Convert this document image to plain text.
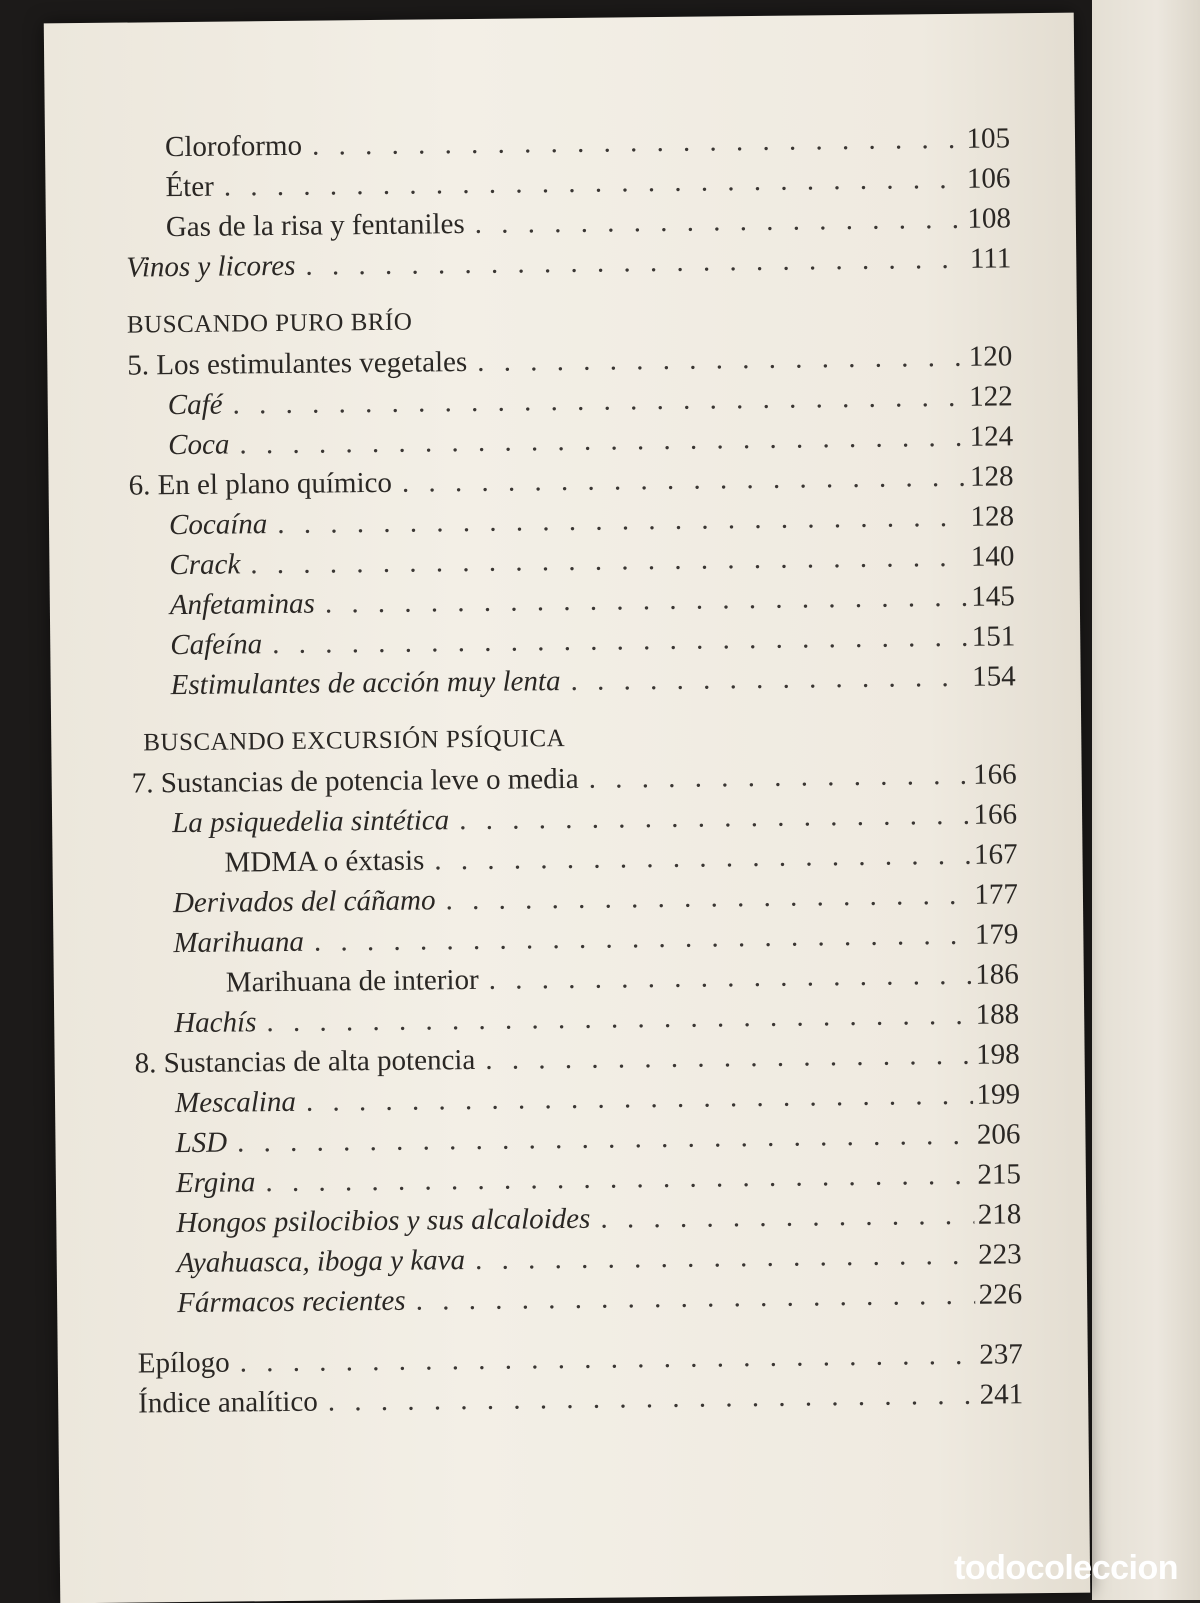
Cloroformo . . .	105
Éter . . .	106
Gas de la risa y fentaniles . . .	108
Vinos y licores . . .	111
BUSCANDO PURO BRÍO
5. Los estimulantes vegetales . . .	120
Café . . .	122
Coca . . .	124
6. En el plano químico . . .	128
Cocaína . . .	128
Crack . . .	140
Anfetaminas . . .	145
Cafeína . . .	151
Estimulantes de acción muy lenta . . .	154
BUSCANDO EXCURSIÓN PSÍQUICA
7. Sustancias de potencia leve o media . . .	166
La psiquedelia sintética . . .	166
MDMA o éxtasis . . .	167
Derivados del cáñamo . . .	177
Marihuana . . .	179
Marihuana de interior . . .	186
Hachís . . .	188
8. Sustancias de alta potencia . . .	198
Mescalina . . .	199
LSD . . .	206
Ergina . . .	215
Hongos psilocibios y sus alcaloides . . .	218
Ayahuasca, iboga y kava . . .	223
Fármacos recientes . . .	226
Epílogo . . .	237
Índice analítico . . .	241
todocoleccion
